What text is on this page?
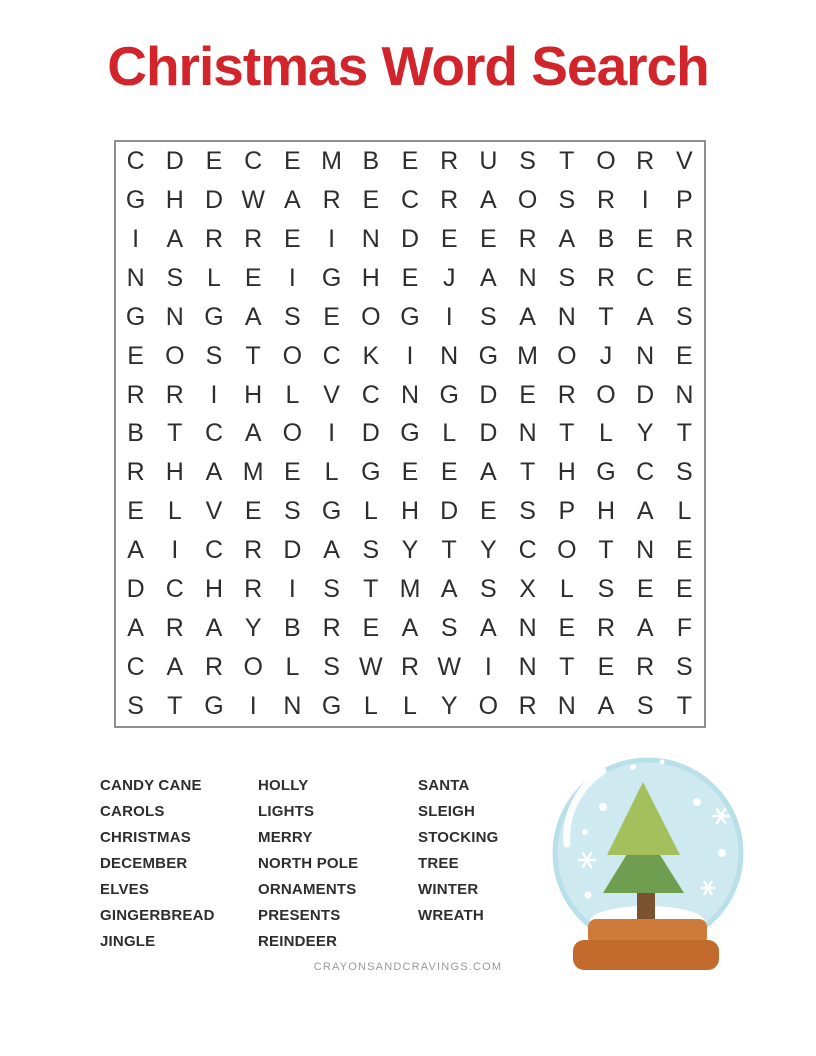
Christmas Word Search
C D E C E M B E R U S T O R V
G H D W A R E C R A O S R	I	P
I	A R R E	I	N D E E R A B E R
N S L E	I	G H E J A N S R C E
G N G A S E O G	I	S A N T A S
E O S T O C K	I	N G M O J N E
R R	I	H L V C N G D E R O D N
B T C A O	I	D G L D N T L Y T
R H A M E L G E E A T H G C S
E L V E S G L H D E S P H A L
A	I	C R D A S Y T Y C O T N E
D C H R	I	S T M A S X L S E E
A R A Y B R E A S A N E R A F
C A R O L S W R W I	N T E R S
S T G	I	N G L	L Y O R N A S T
CANDY CANE
CAROLS
CHRISTMAS
DECEMBER
ELVES
GINGERBREAD
JINGLE
HOLLY
LIGHTS
MERRY
NORTH POLE
ORNAMENTS
PRESENTS
REINDEER
SANTA
SLEIGH
STOCKING
TREE
WINTER
WREATH
CRAYONSANDCRAVINGS.COM
